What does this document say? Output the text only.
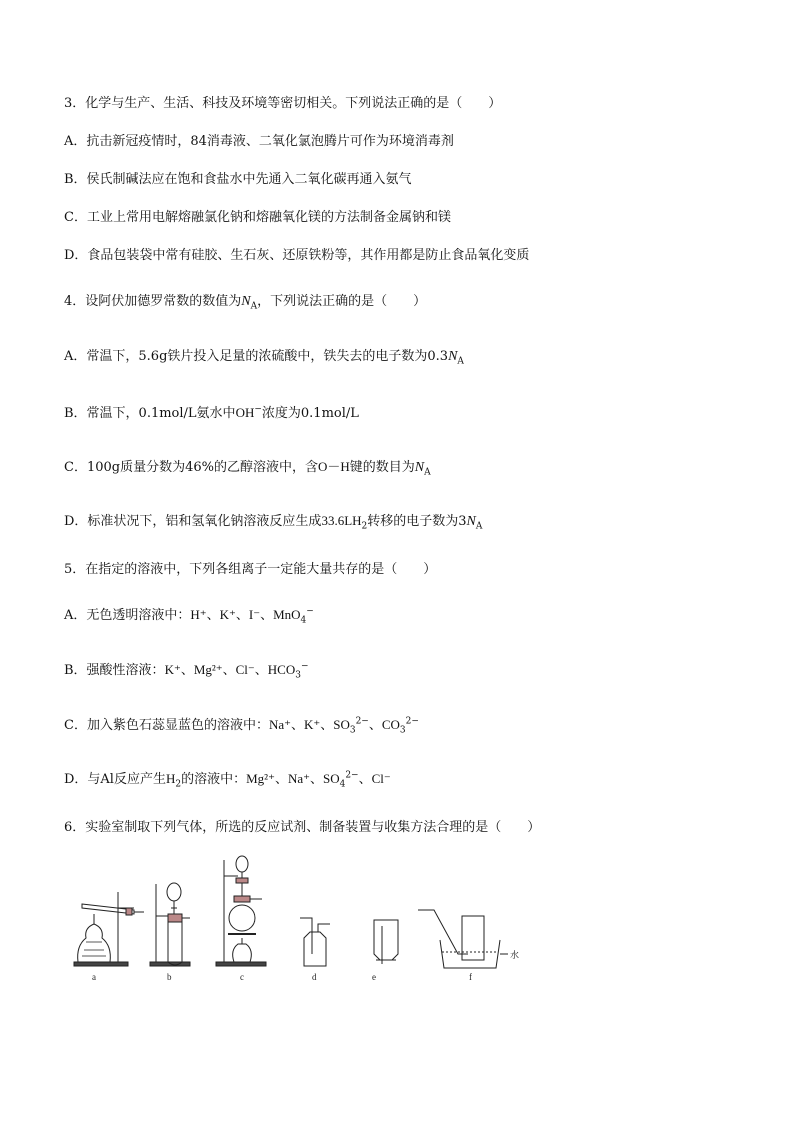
3．化学与生产、生活、科技及环境等密切相关。下列说法正确的是（　　）
A．抗击新冠疫情时，84消毒液、二氧化氯泡腾片可作为环境消毒剂
B．侯氏制碱法应在饱和食盐水中先通入二氧化碳再通入氨气
C．工业上常用电解熔融氯化钠和熔融氧化镁的方法制备金属钠和镁
D．食品包装袋中常有硅胶、生石灰、还原铁粉等，其作用都是防止食品氧化变质
4．设阿伏加德罗常数的数值为$N_A$，下列说法正确的是（　　）
A．常温下，5.6g铁片投入足量的浓硫酸中，铁失去的电子数为$0.3N_A$
B．常温下，0.1mol/L氨水中OH−浓度为0.1mol/L
C．100g质量分数为46%的乙醇溶液中，含O－H键的数目为$N_A$
D．标准状况下，铝和氢氧化钠溶液反应生成$33.6LH_2$转移的电子数为$3N_A$
5．在指定的溶液中，下列各组离子一定能大量共存的是（　　）
A．无色透明溶液中：H⁺、K⁺、I⁻、MnO$_4$−
B．强酸性溶液：K⁺、Mg²⁺、Cl⁻、$HCO_3^-$
C．加入紫色石蕊显蓝色的溶液中：Na⁺、K⁺、$SO_3^{2-}$、$CO_3^{2-}$
D．与Al反应产生$H_2$的溶液中：Mg²⁺、Na⁺、$SO_4^{2-}$、Cl⁻
6．实验室制取下列气体，所选的反应试剂、制备装置与收集方法合理的是（　　）
a	b	c	d	e	f
水
